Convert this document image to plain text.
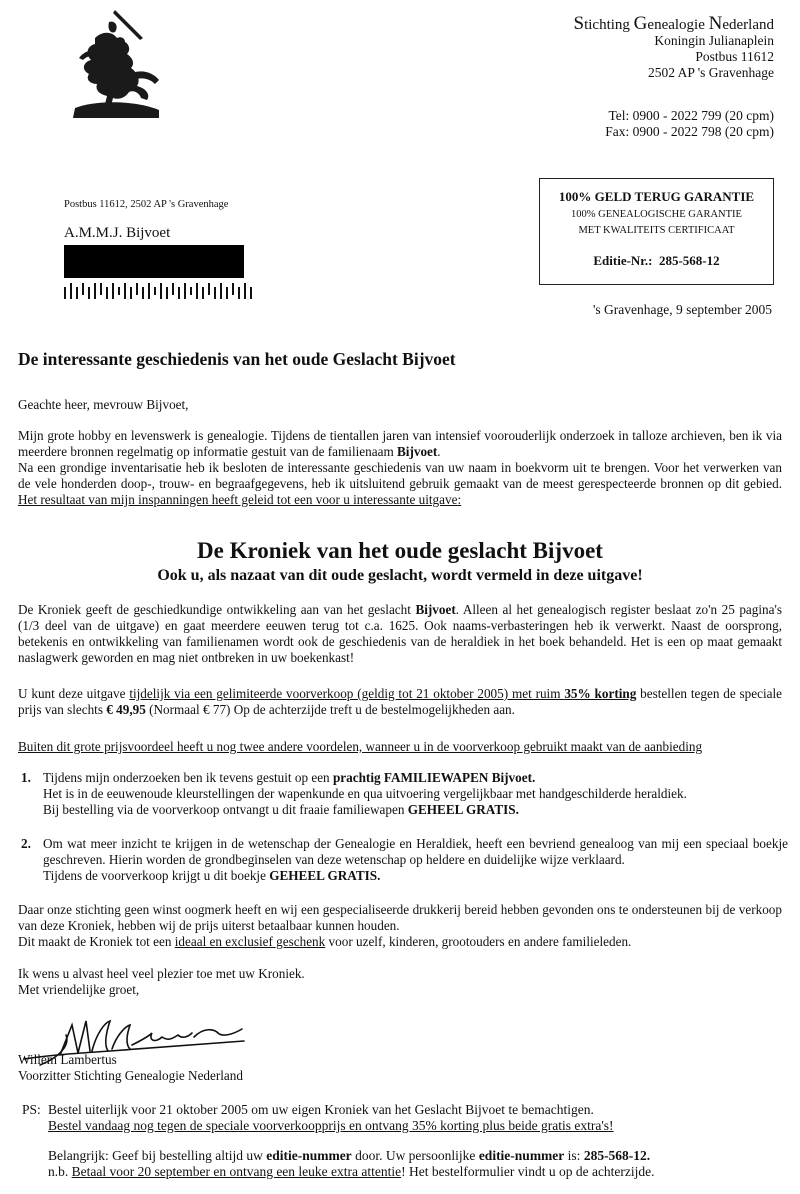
Stichting Genealogie Nederland
Koningin Julianaplein
Postbus 11612
2502 AP 's Gravenhage
Tel: 0900 - 2022 799 (20 cpm)
Fax: 0900 - 2022 798 (20 cpm)
Postbus 11612, 2502 AP 's Gravenhage
A.M.M.J. Bijvoet
100% GELD TERUG GARANTIE
100% GENEALOGISCHE GARANTIE
MET KWALITEITS CERTIFICAAT
Editie-Nr.: 285-568-12
's Gravenhage, 9 september 2005
De interessante geschiedenis van het oude Geslacht Bijvoet
Geachte heer, mevrouw Bijvoet,

Mijn grote hobby en levenswerk is genealogie. Tijdens de tientallen jaren van intensief voorouderlijk onderzoek in talloze archieven, ben ik via meerdere bronnen regelmatig op informatie gestuit van de familienaam Bijvoet.

Na een grondige inventarisatie heb ik besloten de interessante geschiedenis van uw naam in boekvorm uit te brengen. Voor het verwerken van de vele honderden doop-, trouw- en begraafgegevens, heb ik uitsluitend gebruik gemaakt van de meest gerespecteerde bronnen op dit gebied. Het resultaat van mijn inspanningen heeft geleid tot een voor u interessante uitgave:

De Kroniek van het oude geslacht Bijvoet
Ook u, als nazaat van dit oude geslacht, wordt vermeld in deze uitgave!

De Kroniek geeft de geschiedkundige ontwikkeling aan van het geslacht Bijvoet. Alleen al het genealogisch register beslaat zo'n 25 pagina's (1/3 deel van de uitgave) en gaat meerdere eeuwen terug tot c.a. 1625. Ook naams-verbasteringen heb ik verwerkt. Naast de oorsprong, betekenis en ontwikkeling van familienamen wordt ook de geschiedenis van de heraldiek in het boek behandeld. Het is een op maat gemaakt naslagwerk geworden en mag niet ontbreken in uw boekenkast!

U kunt deze uitgave tijdelijk via een gelimiteerde voorverkoop (geldig tot 21 oktober 2005) met ruim 35% korting bestellen tegen de speciale prijs van slechts € 49,95 (Normaal € 77) Op de achterzijde treft u de bestelmogelijkheden aan.

Buiten dit grote prijsvoordeel heeft u nog twee andere voordelen, wanneer u in de voorverkoop gebruikt maakt van de aanbieding
1. Tijdens mijn onderzoeken ben ik tevens gestuit op een prachtig FAMILIEWAPEN Bijvoet.
Het is in de eeuwenoude kleurstellingen der wapenkunde en qua uitvoering vergelijkbaar met handgeschilderde heraldiek.
Bij bestelling via de voorverkoop ontvangt u dit fraaie familiewapen GEHEEL GRATIS.
2. Om wat meer inzicht te krijgen in de wetenschap der Genealogie en Heraldiek, heeft een bevriend genealoog van mij een speciaal boekje geschreven. Hierin worden de grondbeginselen van deze wetenschap op heldere en duidelijke wijze verklaard.
Tijdens de voorverkoop krijgt u dit boekje GEHEEL GRATIS.

Daar onze stichting geen winst oogmerk heeft en wij een gespecialiseerde drukkerij bereid hebben gevonden ons te ondersteunen bij de verkoop van deze Kroniek, hebben wij de prijs uiterst betaalbaar kunnen houden.

Dit maakt de Kroniek tot een ideaal en exclusief geschenk voor uzelf, kinderen, grootouders en andere familieleden.

Ik wens u alvast heel veel plezier toe met uw Kroniek.
Met vriendelijke groet,
Willem Lambertus
Voorzitter Stichting Genealogie Nederland
PS: Bestel uiterlijk voor 21 oktober 2005 om uw eigen Kroniek van het Geslacht Bijvoet te bemachtigen.
Bestel vandaag nog tegen de speciale voorverkoopprijs en ontvang 35% korting plus beide gratis extra's!
Belangrijk: Geef bij bestelling altijd uw editie-nummer door. Uw persoonlijke editie-nummer is: 285-568-12.
n.b. Betaal voor 20 september en ontvang een leuke extra attentie! Het bestelformulier vindt u op de achterzijde.
